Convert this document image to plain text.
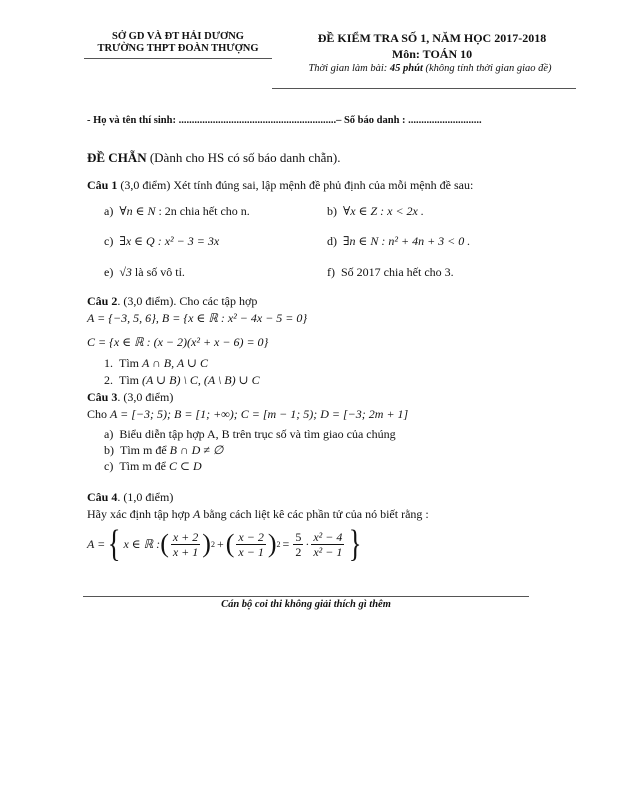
SỞ GD VÀ ĐT HẢI DƯƠNG
TRƯỜNG THPT ĐOÀN THƯỢNG
ĐỀ KIỂM TRA SỐ 1, NĂM HỌC 2017-2018
Môn: TOÁN 10
Thời gian làm bài: 45 phút (không tính thời gian giao đề)
- Họ và tên thí sinh: ............................................................– Số báo danh : ............................
ĐỀ CHẴN (Dành cho HS có số báo danh chẵn).
Câu 1 (3,0 điểm) Xét tính đúng sai, lập mệnh đề phủ định của mỗi mệnh đề sau:
a) ∀n ∈ N : 2n chia hết cho n.	b) ∀x ∈ Z : x < 2x .
c) ∃x ∈ Q : x² − 3 = 3x	d) ∃n ∈ N : n² + 4n + 3 < 0 .
e) √3 là số vô tỉ.	f) Số 2017 chia hết cho 3.
Câu 2. (3,0 điểm). Cho các tập hợp
A = {−3, 5, 6}, B = {x ∈ ℝ : x² − 4x − 5 = 0}
C = {x ∈ ℝ : (x − 2)(x² + x − 6) = 0}
1. Tìm A ∩ B, A ∪ C
2. Tìm (A ∪ B) \ C, (A \ B) ∪ C
Câu 3. (3,0 điểm)
Cho A = [−3; 5); B = [1; +∞); C = [m − 1; 5); D = [−3; 2m + 1]
a) Biểu diễn tập hợp A, B trên trục số và tìm giao của chúng
b) Tìm m để B ∩ D ≠ ∅
c) Tìm m để C ⊂ D
Câu 4. (1,0 điểm)
Hãy xác định tập hợp A bằng cách liệt kê các phần tử của nó biết rằng :
A = { x ∈ ℝ : ( $\frac{x + 2}{x + 1}$ ) 2 + ( $\frac{x - 2}{x - 1}$ ) $2 = \frac{5}{2} \cdot \frac{\text{x² − 4}}{\text{x² − 1}}$ }
Cán bộ coi thi không giải thích gì thêm
